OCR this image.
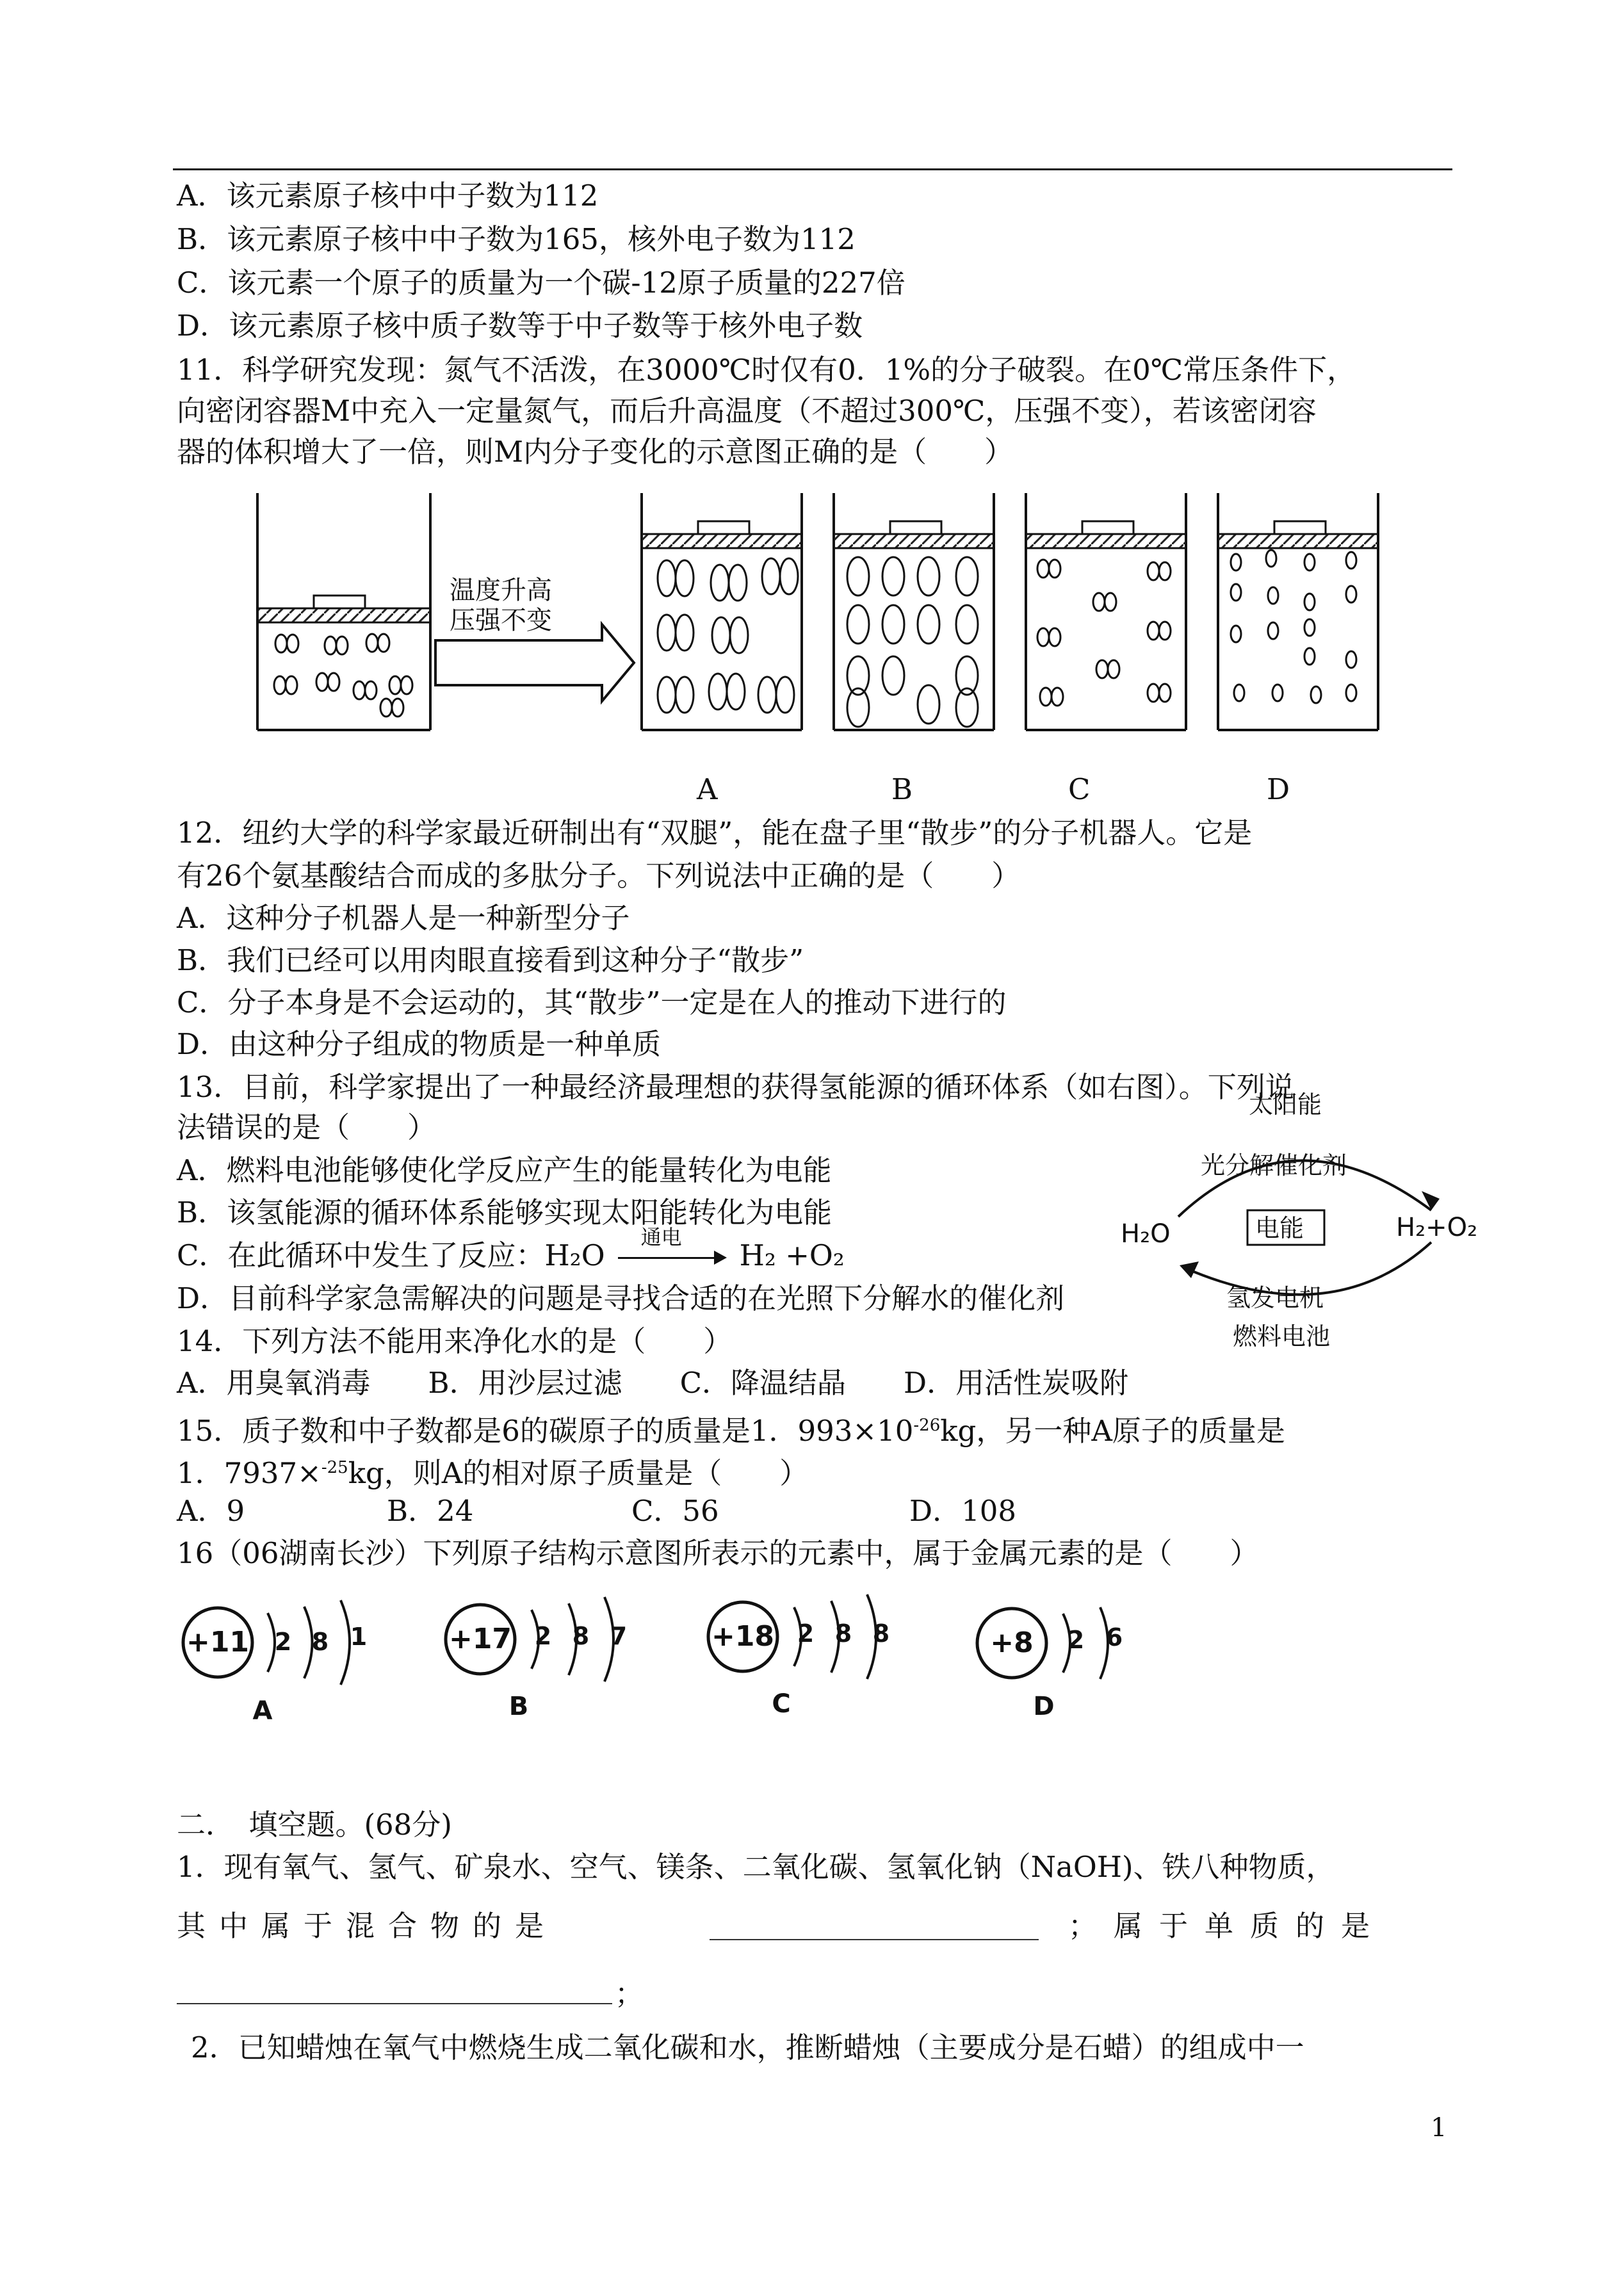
A．该元素原子核中中子数为112
B．该元素原子核中中子数为165，核外电子数为112
C．该元素一个原子的质量为一个碳-12原子质量的227倍
D．该元素原子核中质子数等于中子数等于核外电子数
11．科学研究发现：氮气不活泼，在3000℃时仅有0．1%的分子破裂。在0℃常压条件下，
向密闭容器M中充入一定量氮气，而后升高温度（不超过300℃，压强不变），若该密闭容
器的体积增大了一倍，则M内分子变化的示意图正确的是（　　）
温度升高
压强不变
A	B	C	D
12．纽约大学的科学家最近研制出有“双腿”，能在盘子里“散步”的分子机器人。它是
有26个氨基酸结合而成的多肽分子。下列说法中正确的是（　　）
A．这种分子机器人是一种新型分子
B．我们已经可以用肉眼直接看到这种分子“散步”
C．分子本身是不会运动的，其“散步”一定是在人的推动下进行的
D．由这种分子组成的物质是一种单质
13．目前，科学家提出了一种最经济最理想的获得氢能源的循环体系（如右图）。下列说
法错误的是（　　）
A．燃料电池能够使化学反应产生的能量转化为电能
B．该氢能源的循环体系能够实现太阳能转化为电能
C．在此循环中发生了反应：H₂O
通电
H₂ +O₂
D．目前科学家急需解决的问题是寻找合适的在光照下分解水的催化剂
太阳能
光分解催化剂
H₂O	H₂+O₂
电能
氢发电机
燃料电池
14．下列方法不能用来净化水的是（　　）
A．用臭氧消毒　　B．用沙层过滤　　C．降温结晶　　D．用活性炭吸附
15．质子数和中子数都是6的碳原子的质量是1．$993\times 10^{-26}kg$，另一种A原子的质量是
1．7937×$^{-25}$kg，则A的相对原子质量是（　　）
A．9	B．24	C．56	D．108
16（06湖南长沙）下列原子结构示意图所表示的元素中，属于金属元素的是（　　）
+11 2 8 1
A
+17 2 8 7
B
+18 2 8 8
C
+8 2 6
D
二．　填空题。(68分)
1．现有氧气、氢气、矿泉水、空气、镁条、二氧化碳、氢氧化钠（NaOH)、铁八种物质，
其中属于混合物的是	；属于单质的是
；
2．已知蜡烛在氧气中燃烧生成二氧化碳和水，推断蜡烛（主要成分是石蜡）的组成中一
1
